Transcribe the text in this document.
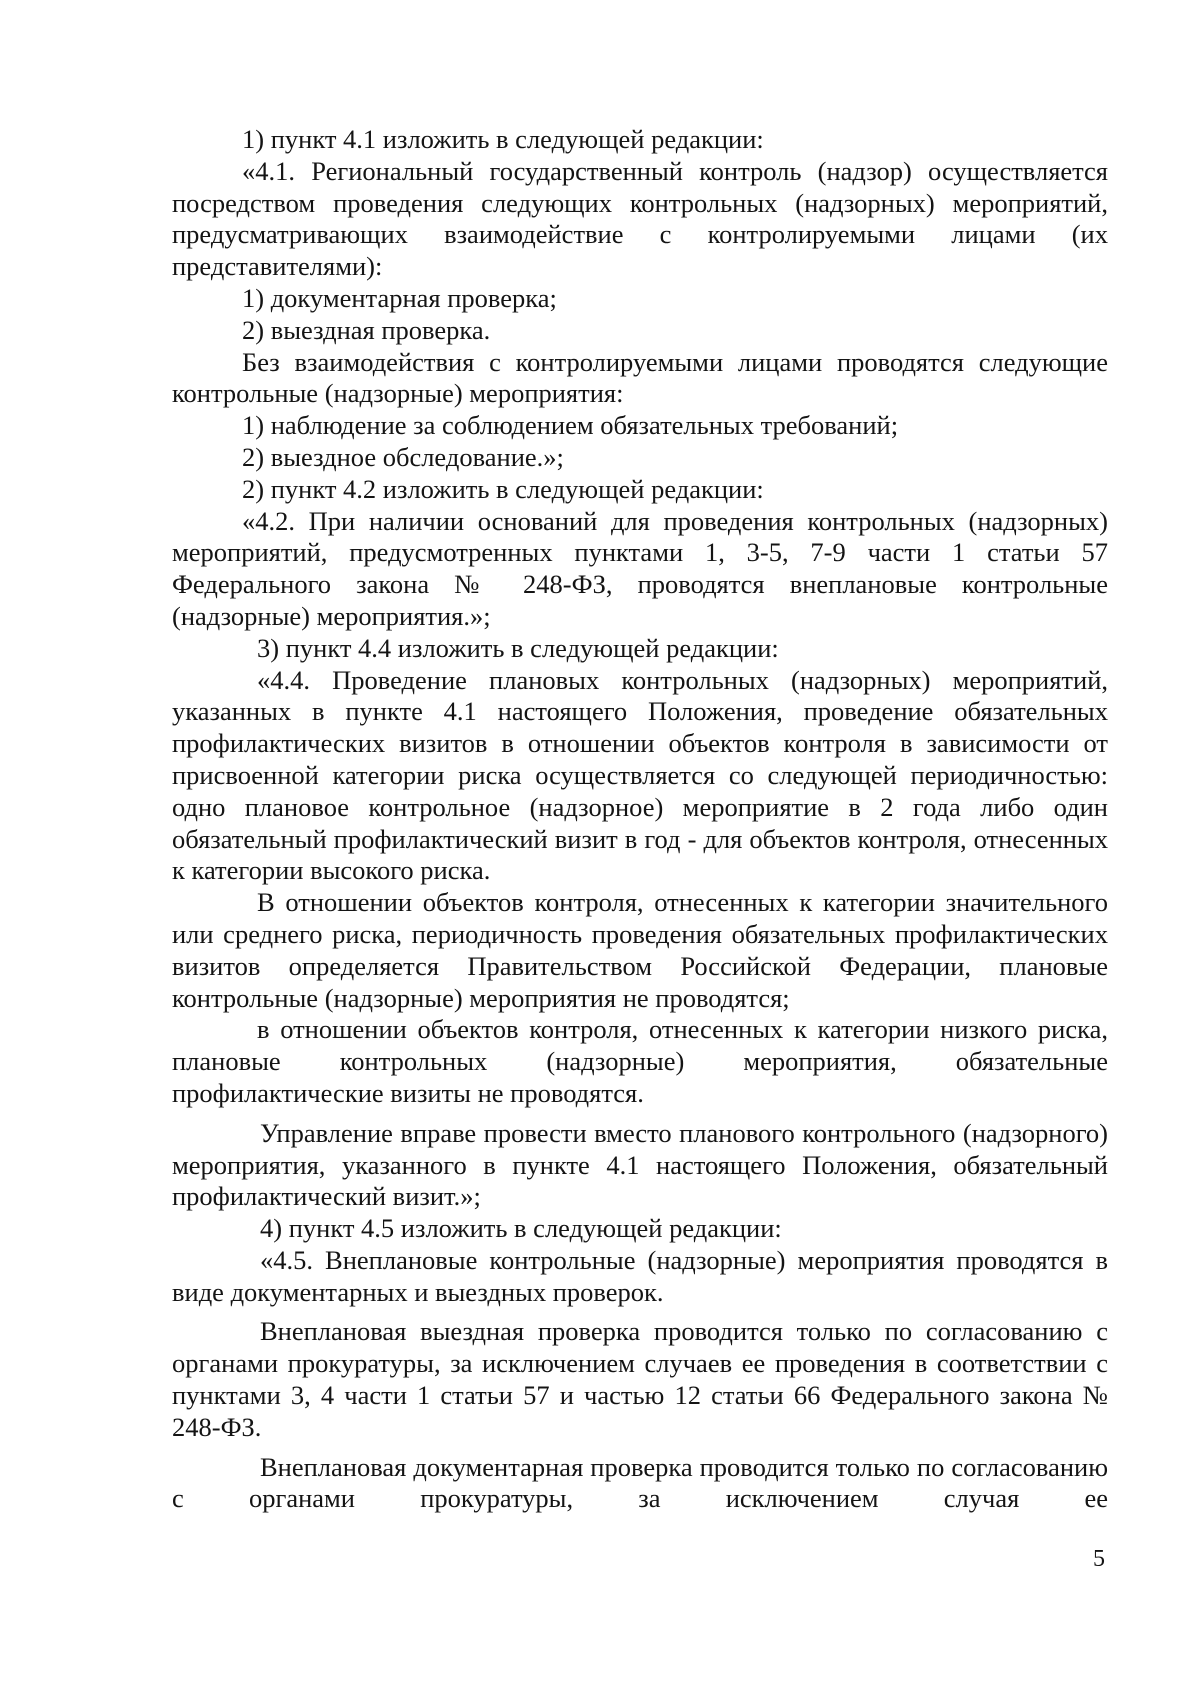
1) пункт 4.1 изложить в следующей редакции:

«4.1. Региональный государственный контроль (надзор) осуществляется посредством проведения следующих контрольных (надзорных) мероприятий, предусматривающих взаимодействие с контролируемыми лицами (их представителями):

1) документарная проверка;

2) выездная проверка.

Без взаимодействия с контролируемыми лицами проводятся следующие контрольные (надзорные) мероприятия:

1) наблюдение за соблюдением обязательных требований;

2) выездное обследование.»;

2) пункт 4.2 изложить в следующей редакции:

«4.2. При наличии оснований для проведения контрольных (надзорных) мероприятий, предусмотренных пунктами 1, 3-5, 7-9 части 1 статьи 57 Федерального закона № 248-ФЗ, проводятся внеплановые контрольные (надзорные) мероприятия.»;

3) пункт 4.4 изложить в следующей редакции:

«4.4. Проведение плановых контрольных (надзорных) мероприятий, указанных в пункте 4.1 настоящего Положения, проведение обязательных профилактических визитов в отношении объектов контроля в зависимости от присвоенной категории риска осуществляется со следующей периодичностью: одно плановое контрольное (надзорное) мероприятие в 2 года либо один обязательный профилактический визит в год - для объектов контроля, отнесенных к категории высокого риска.

В отношении объектов контроля, отнесенных к категории значительного или среднего риска, периодичность проведения обязательных профилактических визитов определяется Правительством Российской Федерации, плановые контрольные (надзорные) мероприятия не проводятся;

в отношении объектов контроля, отнесенных к категории низкого риска, плановые контрольных (надзорные) мероприятия, обязательные профилактические визиты не проводятся.

Управление вправе провести вместо планового контрольного (надзорного) мероприятия, указанного в пункте 4.1 настоящего Положения, обязательный профилактический визит.»;

4) пункт 4.5 изложить в следующей редакции:

«4.5. Внеплановые контрольные (надзорные) мероприятия проводятся в виде документарных и выездных проверок.

Внеплановая выездная проверка проводится только по согласованию с органами прокуратуры, за исключением случаев ее проведения в соответствии с пунктами 3, 4 части 1 статьи 57 и частью 12 статьи 66 Федерального закона № 248-ФЗ.

Внеплановая документарная проверка проводится только по согласованию с органами прокуратуры, за исключением случая ее

5
